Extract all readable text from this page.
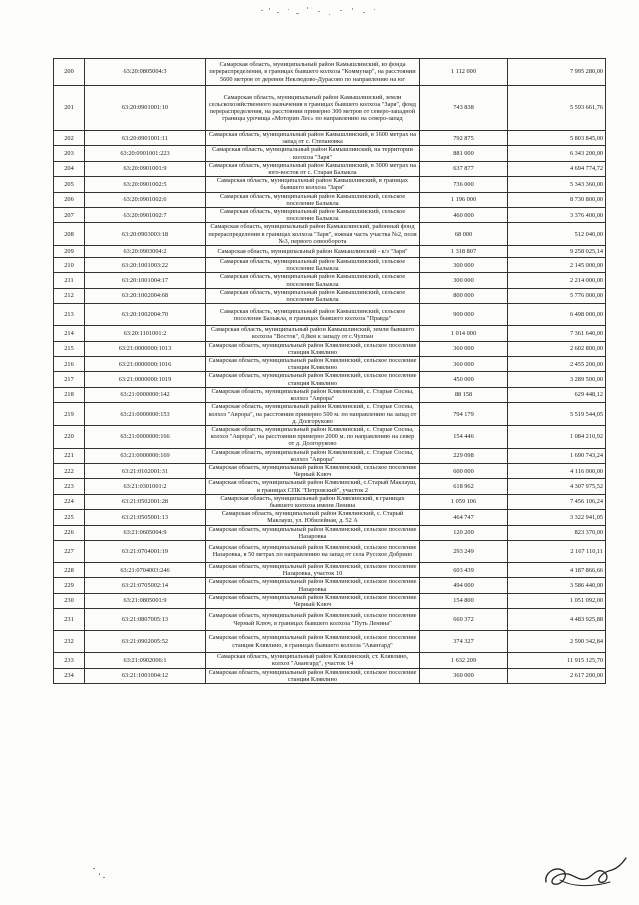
200	63:20:0805004:3	Самарская область, муниципальный район Камышлинский, из фонда перераспределения, в границах бывшего колхоза "Коммунар", на расстоянии 5600 метров от деревни Неклюдово-Дурасово по направлению на юг	1 112 000	7 995 280,00
201	63:20:0901001:10	Самарская область, муниципальный район Камышлинский, земли сельскохозяйственного назначения в границах бывшего колхоза "Заря", фонд перераспределения, на расстоянии примерно 300 метров от северо-западной границы урочища «Моторин Лес» по направлению на северо-запад	743 838	5 593 661,76
202	63:20:0901001:11	Самарская область, муниципальный район Камышлинский, в 1600 метрах на запад от с. Степановка	792 875	5 803 845,00
203	63:20:0901001:223	Самарская область, муниципальный район Камышлинский, на территории колхоза "Заря"	881 000	6 343 200,00
204	63:20:0901001:9	Самарская область, муниципальный район Камышлинский, в 3000 метрах на юго-восток от с. Старая Балыкла	637 877	4 694 774,72
205	63:20:0901002:5	Самарская область, муниципальный район Камышлинский, в границах бывшего колхоза "Заря"	736 000	5 343 360,00
206	63:20:0901002:6	Самарская область, муниципальный район Камышлинский, сельское поселение Балыкла	1 196 000	8 730 800,00
207	63:20:0901002:7	Самарская область, муниципальный район Камышлинский, сельское поселение Балыкла	460 000	3 376 400,00
208	63:20:0903003:18	Самарская область, муниципальный район Камышлинский, районный фонд перераспределения в границах колхоза "Заря", южная часть участка №2, поля №3, первого севооборота	68 000	512 040,00
209	63:20:0903004:2	Самарская область, муниципальный район Камышлинский - к/з "Заря"	1 318 807	9 258 025,14
210	63:20:1001003:22	Самарская область, муниципальный район Камышлинский, сельское поселение Балыкла	300 000	2 145 000,00
211	63:20:1001004:17	Самарская область, муниципальный район Камышлинский, сельское поселение Балыкла	300 000	2 214 000,00
212	63:20:1002004:68	Самарская область, муниципальный район Камышлинский, сельское поселение Балыкла	800 000	5 776 000,00
213	63:20:1002004:70	Самарская область, муниципальный район Камышлинский, сельское поселение Балыкла, в границах бывшего колхоза "Правда"	900 000	6 498 000,00
214	63:20:1101001:2	Самарская область, муниципальный район Камышлинский, земли бывшего колхоза "Восток", 0,8км к западу от с.Чулпан	1 014 000	7 361 640,00
215	63:21:0000000:1013	Самарская область, муниципальный район Клявлинский, сельское поселение станция Клявлино	360 000	2 602 800,00
216	63:21:0000000:1016	Самарская область, муниципальный район Клявлинский, сельское поселение станция Клявлино	360 000	2 455 200,00
217	63:21:0000000:1019	Самарская область, муниципальный район Клявлинский, сельское поселение станция Клявлино	450 000	3 289 500,00
218	63:21:0000000:142	Самарская область, муниципальный район Клявлинский, с. Старые Сосны, колхоз "Аврора"	88 158	629 448,12
219	63:21:0000000:153	Самарская область, муниципальный район Клявлинский, с. Старые Сосны, колхоз "Аврора", на расстоянии примерно 500 м. по направлению на запад от д. Долгоруково	794 179	5 519 544,05
220	63:21:0000000:166	Самарская область, муниципальный район Клявлинский, с. Старые Сосны, колхоз "Аврора", на расстоянии примерно 2000 м. по направлению на север от д. Долгоруково	154 446	1 084 210,92
221	63:21:0000000:169	Самарская область, муниципальный район Клявлинский, с. Старые Сосны, колхоз "Аврора"	229 098	1 690 743,24
222	63:21:0102001:31	Самарская область, муниципальный район Клявлинский, сельское поселение Черный Ключ	600 000	4 116 000,00
223	63:21:0301001:2	Самарская область, муниципальный район Клявлинский, с.Старый Маклауш, в границах СПК "Петровский", участок 2	618 962	4 307 975,52
224	63:21:0502001:28	Самарская область, муниципальный район Клявлинский, в границах бывшего колхоза имени Ленина	1 059 106	7 456 106,24
225	63:21:0505001:13	Самарская область, муниципальный район Клявлинский, с. Старый Маклауш, ул. Юбилейная, д. 52 А	464 747	3 322 941,05
226	63:21:0605004:9	Самарская область, муниципальный район Клявлинский, сельское поселение Назаровка	120 200	823 370,00
227	63:21:0704001:19	Самарская область, муниципальный район Клявлинский, сельское поселение Назаровка, в 50 метрах по направлению на запад от села Русское Добрино	293 249	2 167 110,11
228	63:21:0704003:246	Самарская область, муниципальный район Клявлинский, сельское поселение Назаровка, участок 10	603 439	4 187 866,66
229	63:21:0705002:14	Самарская область, муниципальный район Клявлинский, сельское поселение Назаровка	494 000	3 586 440,00
230	63:21:0805001:9	Самарская область, муниципальный район Клявлинский, сельское поселение Черный Ключ	154 800	1 051 092,00
231	63:21:0807005:13	Самарская область, муниципальный район Клявлинский, сельское поселение Черный Ключ, в границах бывшего колхоза "Путь Ленина"	660 372	4 483 925,88
232	63:21:0902005:52	Самарская область, муниципальный район Клявлинский, сельское поселение станция Клявлино, в границах бывшего колхоза "Авангард"	374 327	2 590 342,84
233	63:21:0902006:1	Самарская область, муниципальный район Клявлинский, ст. Клявлино, колхоз "Авангард", участок 14	1 632 209	11 915 125,70
234	63:21:1001004:12	Самарская область, муниципальный район Клявлинский, сельское поселение станция Клявлино	360 000	2 617 200,00
